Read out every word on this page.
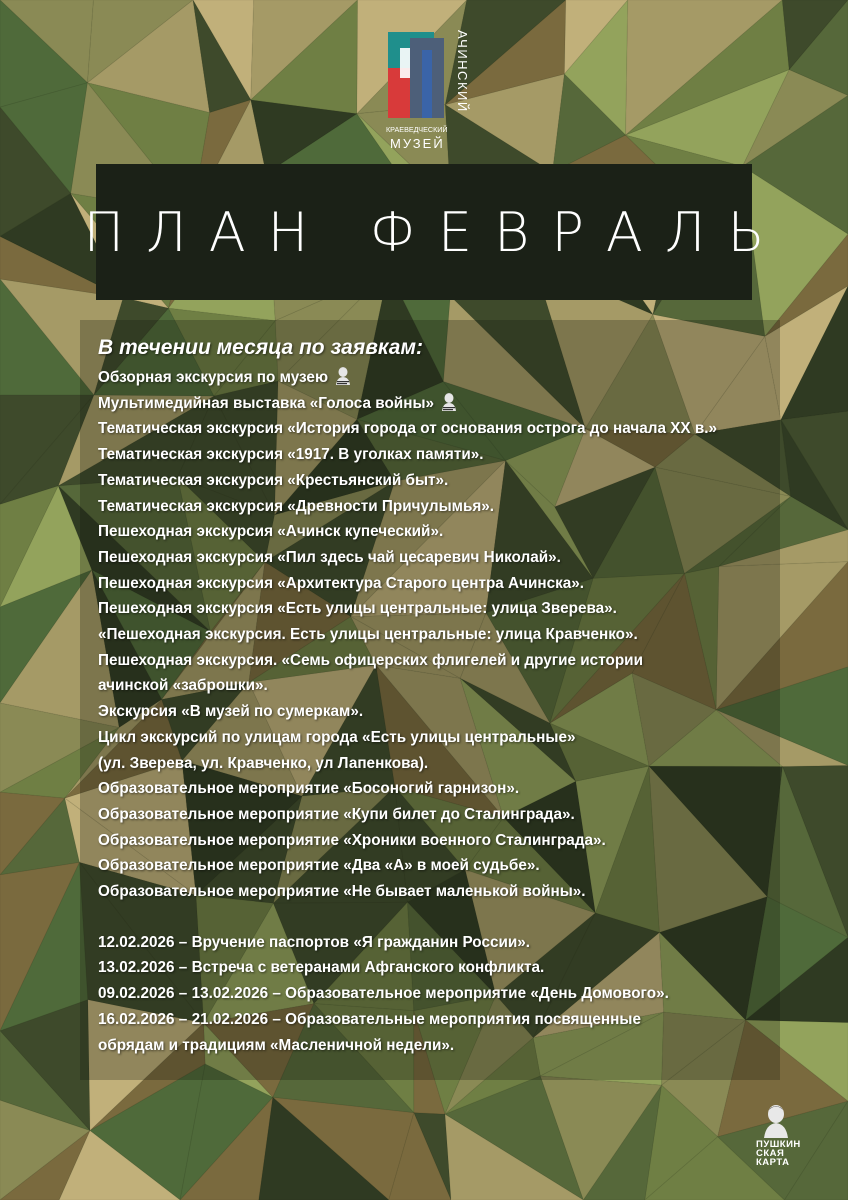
АЧИНСКИЙ
КРАЕВЕДЧЕСКИЙ
МУЗЕЙ
ПЛАН ФЕВРАЛЬ
В течении месяца по заявкам:
Обзорная экскурсия по музею
Мультимедийная выставка «Голоса войны»
Тематическая экскурсия «История города от основания острога до начала XX в.»
Тематическая экскурсия «1917. В уголках памяти».
Тематическая экскурсия «Крестьянский быт».
Тематическая экскурсия «Древности Причулымья».
Пешеходная экскурсия «Ачинск купеческий».
Пешеходная экскурсия «Пил здесь чай цесаревич Николай».
Пешеходная экскурсия «Архитектура Старого центра Ачинска».
Пешеходная экскурсия «Есть улицы центральные: улица Зверева».
«Пешеходная экскурсия. Есть улицы центральные: улица Кравченко».
Пешеходная экскурсия. «Семь офицерских флигелей и другие истории
ачинской «заброшки».
Экскурсия «В музей по сумеркам».
Цикл экскурсий по улицам города «Есть улицы центральные»
(ул. Зверева, ул. Кравченко, ул Лапенкова).
Образовательное мероприятие «Босоногий гарнизон».
Образовательное мероприятие «Купи билет до Сталинграда».
Образовательное мероприятие «Хроники военного Сталинграда».
Образовательное мероприятие «Два «А» в моей судьбе».
Образовательное мероприятие «Не бывает маленькой войны».
12.02.2026 – Вручение паспортов «Я гражданин России».
13.02.2026 – Встреча с ветеранами Афганского конфликта.
09.02.2026 – 13.02.2026 – Образовательное мероприятие «День Домового».
16.02.2026 – 21.02.2026 – Образовательные мероприятия посвященные
обрядам и традициям «Масленичной недели».
ПУШКИН
СКАЯ
КАРТА
